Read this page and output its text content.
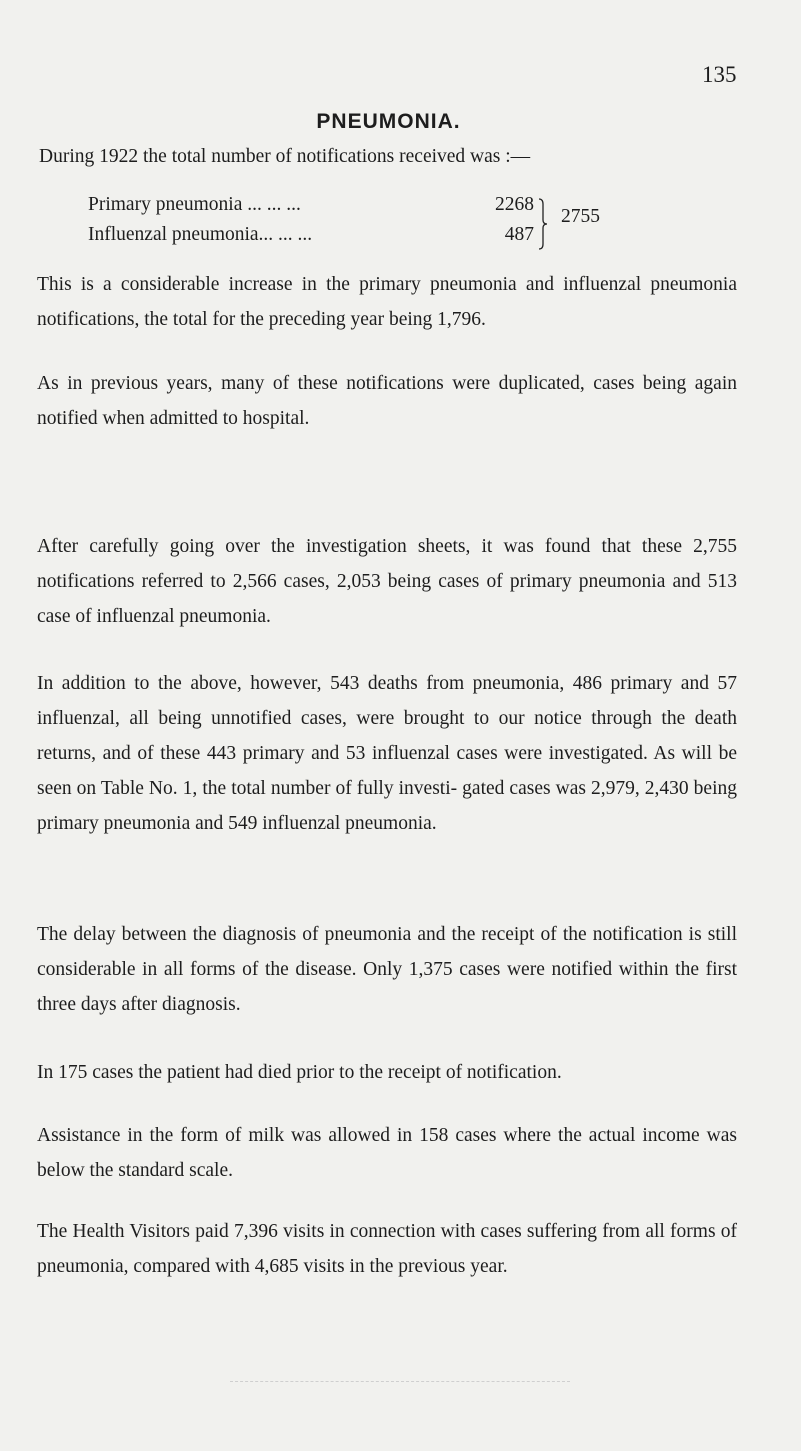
135
PNEUMONIA.
During 1922 the total number of notifications received was :—
Primary pneumonia ... ... ...	2268
Influenzal pneumonia... ... ...	487
2755

This is a considerable increase in the primary pneumonia and influenzal pneumonia notifications, the total for the preceding year being 1,796.

As in previous years, many of these notifications were duplicated, cases being again notified when admitted to hospital.

After carefully going over the investigation sheets, it was found that these 2,755 notifications referred to 2,566 cases, 2,053 being cases of primary pneumonia and 513 case of influenzal pneumonia.

In addition to the above, however, 543 deaths from pneumonia, 486 primary and 57 influenzal, all being unnotified cases, were brought to our notice through the death returns, and of these 443 primary and 53 influenzal cases were investigated. As will be seen on Table No. 1, the total number of fully investi- gated cases was 2,979, 2,430 being primary pneumonia and 549 influenzal pneumonia.

The delay between the diagnosis of pneumonia and the receipt of the notification is still considerable in all forms of the disease. Only 1,375 cases were notified within the first three days after diagnosis.

In 175 cases the patient had died prior to the receipt of notification.

Assistance in the form of milk was allowed in 158 cases where the actual income was below the standard scale.

The Health Visitors paid 7,396 visits in connection with cases suffering from all forms of pneumonia, compared with 4,685 visits in the previous year.
